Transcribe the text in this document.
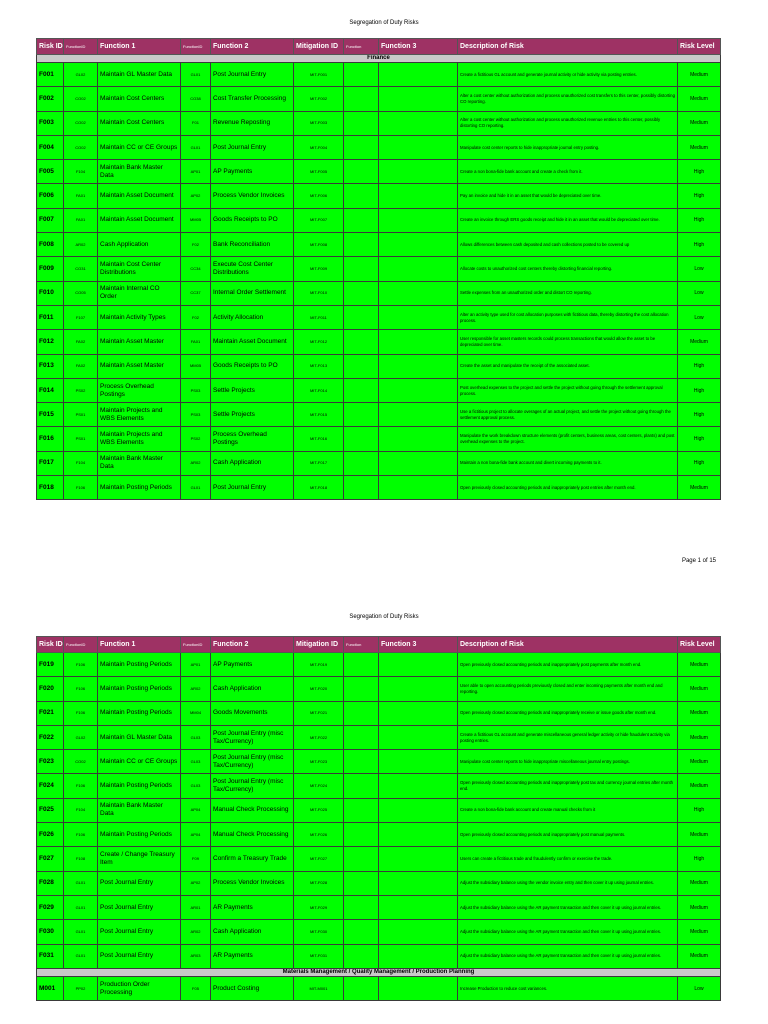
Segregation of Duty Risks
Risk ID	FunctionID	Function 1	FunctionID	Function 2	Mitigation ID	Function	Function 3	Description of Risk	Risk Level
Finance									
F001	GL02	Maintain GL Master Data	GL01	Post Journal Entry	MIT-F001			Create a fictitious GL account and generate journal activity or hide activity via posting entries.	Medium
F002	CO02	Maintain Cost Centers	CO38	Cost Transfer Processing	MIT-F002			Alter a cost center without authorization and process unauthorized cost transfers to this center, possibly distorting CO reporting.	Medium
F003	CO02	Maintain Cost Centers	F01	Revenue Reposting	MIT-F003			Alter a cost center without authorization and process unauthorized revenue entries to this center, possibly distorting CO reporting.	Medium
F004	CO02	Maintain CC or CE Groups	GL01	Post Journal Entry	MIT-F004			Manipulate cost center reports to hide inappropriate journal entry posting.	Medium
F005	F104	Maintain Bank Master Data	AP01	AP Payments	MIT-F005			Create a non bona-fide bank account and create a check from it.	High
F006	FA01	Maintain Asset Document	AP02	Process Vendor Invoices	MIT-F006			Pay an invoice and hide it in an asset that would be depreciated over time.	High
F007	FA01	Maintain Asset Document	MM05	Goods Receipts to PO	MIT-F007			Create an invoice through ERS goods receipt and hide it in an asset that would be depreciated over time.	High
F008	AR02	Cash Application	F02	Bank Reconciliation	MIT-F008			Allows differences between cash deposited and cash collections posted to be covered up	High
F009	CO31	Maintain Cost Center Distributions	CC34	Execute Cost Center Distributions	MIT-F009			Allocate costs to unauthorized cost centers thereby distorting financial reporting.	Low
F010	CO05	Maintain Internal CO Order	CC37	Internal Order Settlement	MIT-F010			Settle expenses from an unauthorized order and distort CO reporting.	Low
F011	F107	Maintain Activity Types	F02	Activity Allocation	MIT-F011			Alter an activity type used for cost allocation purposes with fictitious data, thereby distorting the cost allocation process.	Low
F012	FA02	Maintain Asset Master	FA01	Maintain Asset Document	MIT-F012			User responsible for asset masters records could process transactions that would allow the asset to be depreciated over time.	Medium
F013	FA02	Maintain Asset Master	MM05	Goods Receipts to PO	MIT-F013			Create the asset and manipulate the receipt of the associated asset.	High
F014	PS02	Process Overhead Postings	PS03	Settle Projects	MIT-F014			Post overhead expenses to the project and settle the project without going through the settlement approval process.	High
F015	PS01	Maintain Projects and WBS Elements	PS03	Settle Projects	MIT-F015			Use a fictitious project to allocate overages of an actual project, and settle the project without going through the settlement approval process.	High
F016	PS01	Maintain Projects and WBS Elements	PS02	Process Overhead Postings	MIT-F016			Manipulate the work breakdown structure elements (profit centers, business areas, cost centers, plants) and post overhead expenses to the project.	High
F017	F104	Maintain Bank Master Data	AR02	Cash Application	MIT-F017			Maintain a non bona-fide bank account and divert incoming payments to it.	High
F018	F106	Maintain Posting Periods	GL01	Post Journal Entry	MIT-F018			Open previously closed accounting periods and inappropriately post entries after month end.	Medium
Page 1 of 15
Segregation of Duty Risks
Risk ID	FunctionID	Function 1	FunctionID	Function 2	Mitigation ID	Function	Function 3	Description of Risk	Risk Level
F019	F106	Maintain Posting Periods	AP01	AP Payments	MIT-F019			Open previously closed accounting periods and inappropriately post payments after month end.	Medium
F020	F106	Maintain Posting Periods	AR02	Cash Application	MIT-F020			User able to open accounting periods previously closed and enter incoming payments after month end and reporting.	Medium
F021	F106	Maintain Posting Periods	MM04	Goods Movements	MIT-F021			Open previously closed accounting periods and inappropriately receive or issue goods after month end.	Medium
F022	GL02	Maintain GL Master Data	GL03	Post Journal Entry (misc Tax/Currency)	MIT-F022			Create a fictitious GL account and generate miscellaneous general ledger activity or hide fraudulent activity via posting entries.	Medium
F023	CO02	Maintain CC or CE Groups	GL03	Post Journal Entry (misc Tax/Currency)	MIT-F023			Manipulate cost center reports to hide inappropriate miscellaneous journal entry postings.	Medium
F024	F106	Maintain Posting Periods	GL03	Post Journal Entry (misc Tax/Currency)	MIT-F024			Open previously closed accounting periods and inappropriately post tax and currency journal entries after month end.	Medium
F025	F104	Maintain Bank Master Data	AP04	Manual Check Processing	MIT-F025			Create a non bona-fide bank account and create manual checks from it	High
F026	F106	Maintain Posting Periods	AP04	Manual Check Processing	MIT-F026			Open previously closed accounting periods and inappropriately post manual payments.	Medium
F027	F108	Create / Change Treasury Item	F09	Confirm a Treasury Trade	MIT-F027			Users can create a fictitious trade and fraudulently confirm or exercise the trade.	High
F028	GL01	Post Journal Entry	AP02	Process Vendor Invoices	MIT-F028			Adjust the subsidiary balance using the vendor invoice entry and then cover it up using journal entries.	Medium
F029	GL01	Post Journal Entry	AR01	AR Payments	MIT-F029			Adjust the subsidiary balance using the AR payment transaction and then cover it up using journal entries.	Medium
F030	GL01	Post Journal Entry	AR02	Cash Application	MIT-F030			Adjust the subsidiary balance using the AR payment transaction and then cover it up using journal entries.	Medium
F031	GL01	Post Journal Entry	AR03	AR Payments	MIT-F031			Adjust the subsidiary balance using the AR payment transaction and then cover it up using journal entries.	Medium
Materials Management / Quality Management / Production Planning									
M001	PP02	Production Order Processing	F05	Product Costing	MIT-M001			Increase Production to reduce cost variances.	Low
